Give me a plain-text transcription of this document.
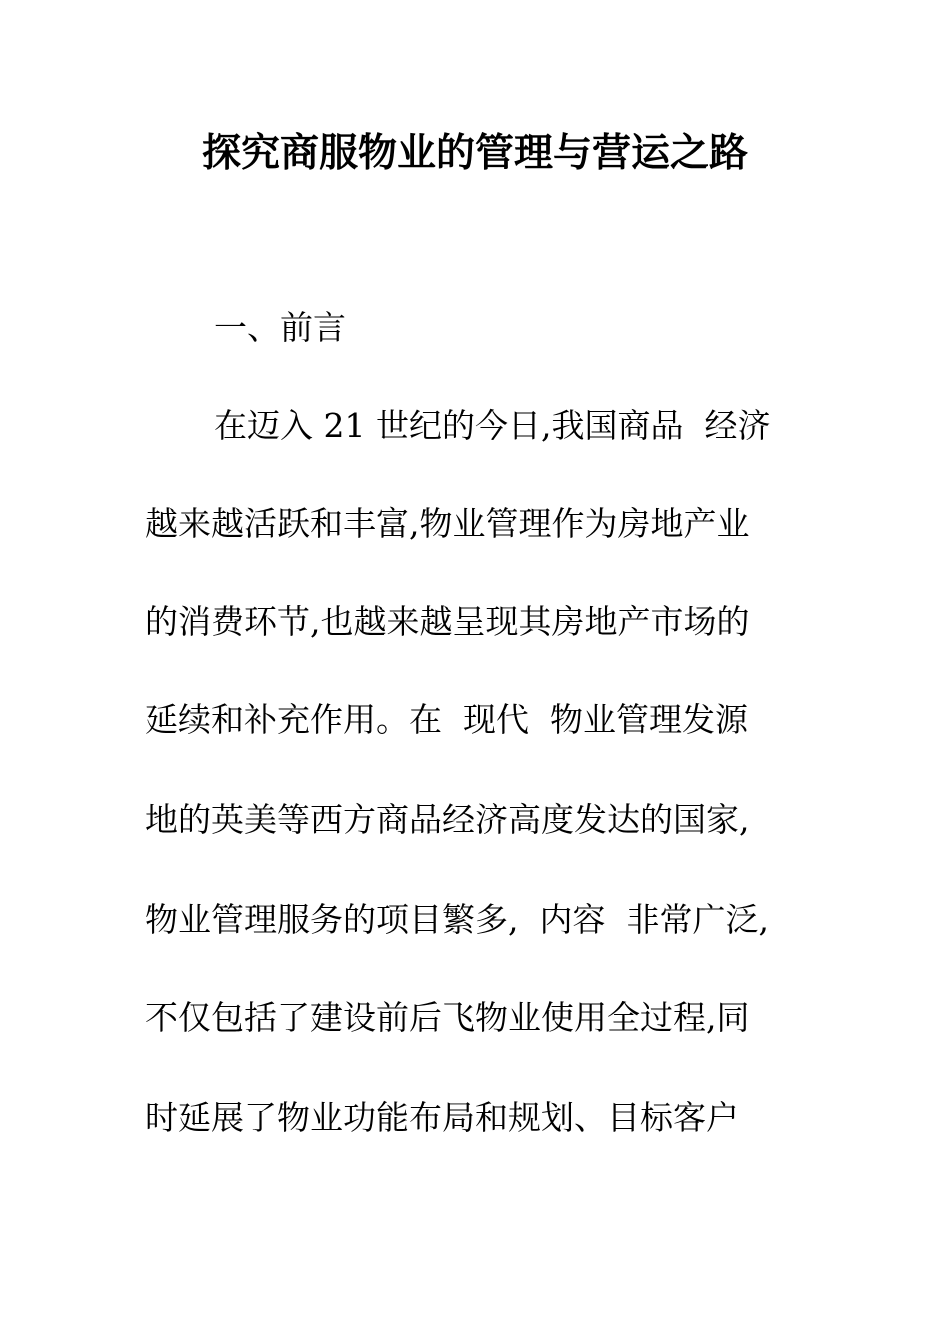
探究商服物业的管理与营运之路
一、前言
在迈入 21 世纪的今日,我国商品  经济
越来越活跃和丰富,物业管理作为房地产业
的消费环节,也越来越呈现其房地产市场的
延续和补充作用。在  现代  物业管理发源
地的英美等西方商品经济高度发达的国家,
物业管理服务的项目繁多,  内容  非常广泛,
不仅包括了建设前后飞物业使用全过程,同
时延展了物业功能布局和规划、目标客户
